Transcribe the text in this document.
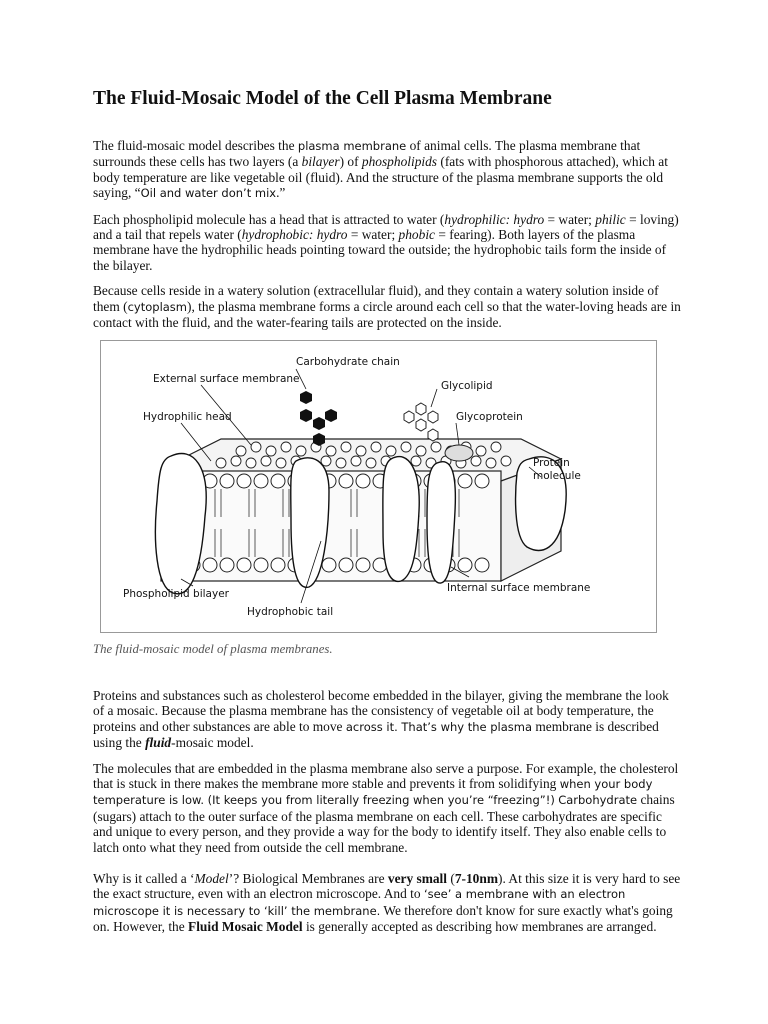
The Fluid-Mosaic Model of the Cell Plasma Membrane

The fluid-mosaic model describes the plasma membrane of animal cells. The plasma membrane that surrounds these cells has two layers (a bilayer) of phospholipids (fats with phosphorous attached), which at body temperature are like vegetable oil (fluid). And the structure of the plasma membrane supports the old saying, “Oil and water don’t mix.”

Each phospholipid molecule has a head that is attracted to water (hydrophilic: hydro = water; philic = loving) and a tail that repels water (hydrophobic: hydro = water; phobic = fearing). Both layers of the plasma membrane have the hydrophilic heads pointing toward the outside; the hydrophobic tails form the inside of the bilayer.

Because cells reside in a watery solution (extracellular fluid), and they contain a watery solution inside of them (cytoplasm), the plasma membrane forms a circle around each cell so that the water-loving heads are in contact with the fluid, and the water-fearing tails are protected on the inside.

Carbohydrate chain
External surface membrane
Glycolipid
Hydrophilic head	Glycoprotein
Protein
molecule
Phospholipid bilayer	Internal surface membrane
Hydrophobic tail

The fluid-mosaic model of plasma membranes.

Proteins and substances such as cholesterol become embedded in the bilayer, giving the membrane the look of a mosaic. Because the plasma membrane has the consistency of vegetable oil at body temperature, the proteins and other substances are able to move across it. That’s why the plasma membrane is described using the fluid-mosaic model.

The molecules that are embedded in the plasma membrane also serve a purpose. For example, the cholesterol that is stuck in there makes the membrane more stable and prevents it from solidifying when your body temperature is low. (It keeps you from literally freezing when you’re “freezing”!) Carbohydrate chains (sugars) attach to the outer surface of the plasma membrane on each cell. These carbohydrates are specific and unique to every person, and they provide a way for the body to identify itself. They also enable cells to latch onto what they need from outside the cell membrane.

Why is it called a ‘Model’? Biological Membranes are very small (7-10nm). At this size it is very hard to see the exact structure, even with an electron microscope. And to ‘see’ a membrane with an electron microscope it is necessary to ‘kill’ the membrane. We therefore don't know for sure exactly what's going on. However, the Fluid Mosaic Model is generally accepted as describing how membranes are arranged.
